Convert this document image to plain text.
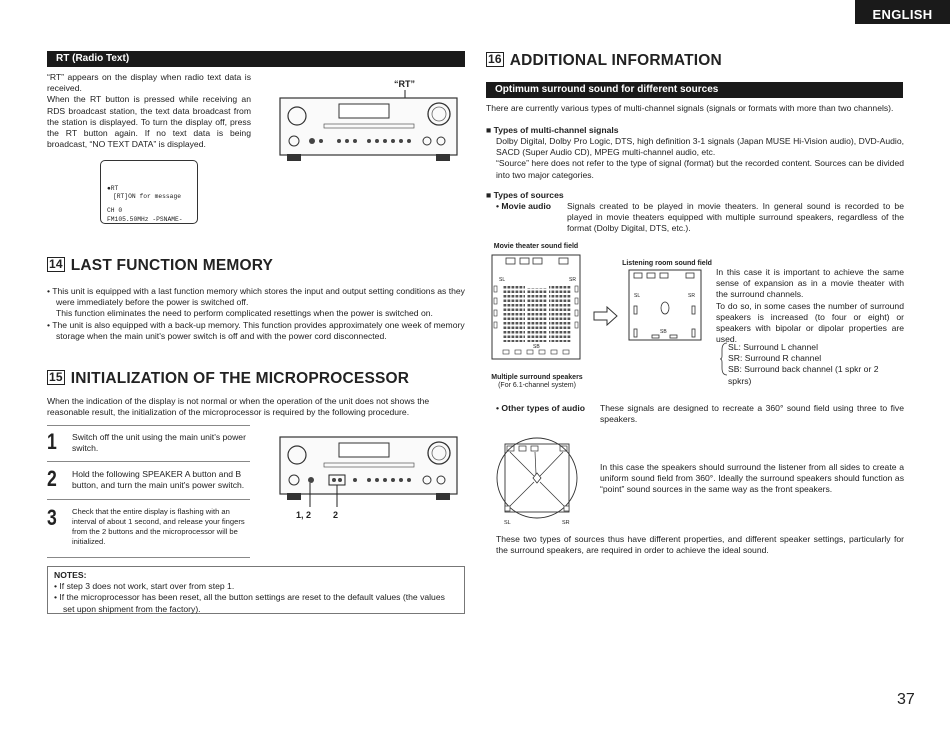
ENGLISH
RT (Radio Text)
“RT” appears on the display when radio text data is received.
When the RT button is pressed while receiving an RDS broadcast station, the text data broadcast from the station is displayed. To turn the display off, press the RT button again. If no text data is being broadcast, “NO TEXT DATA” is displayed.
“RT”
●RT
[RT]ON for message
CH 0
FM105.50MHz -PSNAME-
14 LAST FUNCTION MEMORY
• This unit is equipped with a last function memory which stores the input and output setting conditions as they were immediately before the power is switched off.
This function eliminates the need to perform complicated resettings when the power is switched on.
• The unit is also equipped with a back-up memory. This function provides approximately one week of memory storage when the main unit's power switch is off and with the power cord disconnected.
15 INITIALIZATION OF THE MICROPROCESSOR
When the indication of the display is not normal or when the operation of the unit does not shows the reasonable result, the initialization of the microprocessor is required by the following procedure.
1 Switch off the unit using the main unit's power switch.
2 Hold the following SPEAKER A button and B button, and turn the main unit's power switch.
3 Check that the entire display is flashing with an interval of about 1 second, and release your fingers from the 2 buttons and the microprocessor will be initialized.
1, 2 2
NOTES:
• If step 3 does not work, start over from step 1.
• If the microprocessor has been reset, all the button settings are reset to the default values (the values set upon shipment from the factory).
16 ADDITIONAL INFORMATION
Optimum surround sound for different sources
There are currently various types of multi-channel signals (signals or formats with more than two channels).
■ Types of multi-channel signals
Dolby Digital, Dolby Pro Logic, DTS, high definition 3-1 signals (Japan MUSE Hi-Vision audio), DVD-Audio, SACD (Super Audio CD), MPEG multi-channel audio, etc.
“Source” here does not refer to the type of signal (format) but the recorded content. Sources can be divided into two major categories.
■ Types of sources
• Movie audio Signals created to be played in movie theaters. In general sound is recorded to be played in movie theaters equipped with multiple surround speakers, regardless of the format (Dolby Digital, DTS, etc.).
Movie theater sound field
SL	SR
SB
Multiple surround speakers
(For 6.1-channel system)
Listening room sound field
SL	SR
SB
In this case it is important to achieve the same sense of expansion as in a movie theater with the surround channels.
To do so, in some cases the number of surround speakers is increased (to four or eight) or speakers with bipolar or dipolar properties are used.
SL: Surround L channel
SR: Surround R channel
SB: Surround back channel (1 spkr or 2 spkrs)
• Other types of audio These signals are designed to recreate a 360° sound field using three to five speakers.
SL	SR
In this case the speakers should surround the listener from all sides to create a uniform sound field from 360°. Ideally the surround speakers should function as “point” sound sources in the same way as the front speakers.
These two types of sources thus have different properties, and different speaker settings, particularly for the surround speakers, are required in order to achieve the ideal sound.
37
